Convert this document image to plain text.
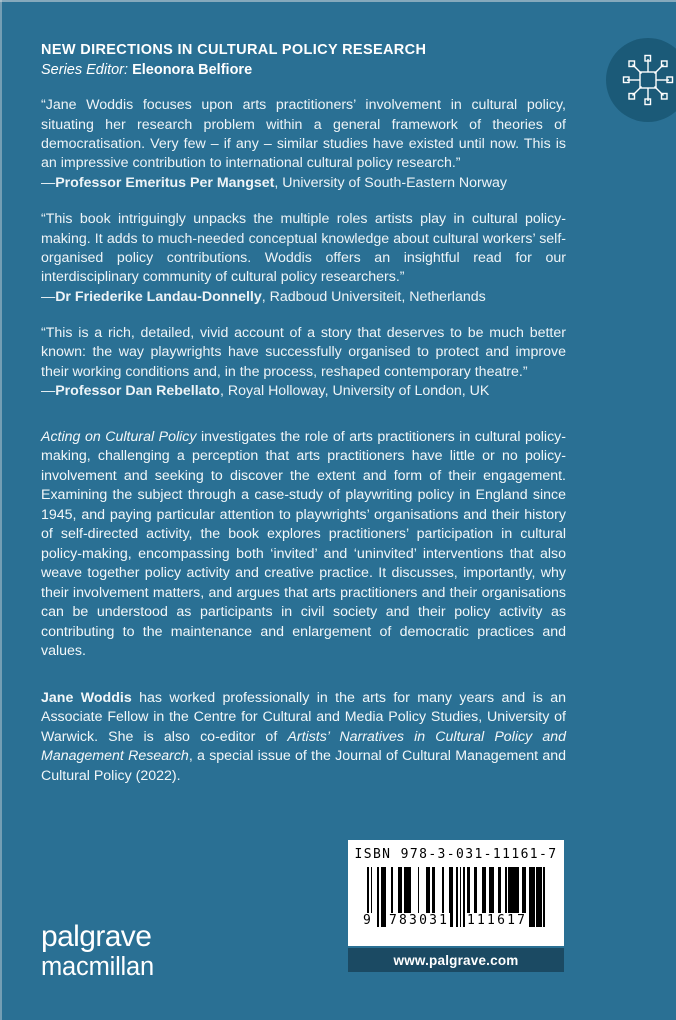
NEW DIRECTIONS IN CULTURAL POLICY RESEARCH

Series Editor: Eleonora Belfiore

“Jane Woddis focuses upon arts practitioners’ involvement in cultural policy, situating her research problem within a general framework of theories of democratisation. Very few – if any – similar studies have existed until now. This is an impressive contribution to international cultural policy research.”

—Professor Emeritus Per Mangset, University of South-Eastern Norway

“This book intriguingly unpacks the multiple roles artists play in cultural policy-making. It adds to much-needed conceptual knowledge about cultural workers’ self-organised policy contributions. Woddis offers an insightful read for our interdisciplinary community of cultural policy researchers.”

—Dr Friederike Landau-Donnelly, Radboud Universiteit, Netherlands

“This is a rich, detailed, vivid account of a story that deserves to be much better known: the way playwrights have successfully organised to protect and improve their working conditions and, in the process, reshaped contemporary theatre.”

—Professor Dan Rebellato, Royal Holloway, University of London, UK

Acting on Cultural Policy investigates the role of arts practitioners in cultural policy-making, challenging a perception that arts practitioners have little or no policy-involvement and seeking to discover the extent and form of their engagement. Examining the subject through a case-study of playwriting policy in England since 1945, and paying particular attention to playwrights’ organisations and their history of self-directed activity, the book explores practitioners’ participation in cultural policy-making, encompassing both ‘invited’ and ‘uninvited’ interventions that also weave together policy activity and creative practice. It discusses, importantly, why their involvement matters, and argues that arts practitioners and their organisations can be understood as participants in civil society and their policy activity as contributing to the maintenance and enlargement of democratic practices and values.

Jane Woddis has worked professionally in the arts for many years and is an Associate Fellow in the Centre for Cultural and Media Policy Studies, University of Warwick. She is also co-editor of Artists’ Narratives in Cultural Policy and Management Research, a special issue of the Journal of Cultural Management and Cultural Policy (2022).

palgrave
macmillan
ISBN 978-3-031-11161-7
9 783031 111617
www.palgrave.com
